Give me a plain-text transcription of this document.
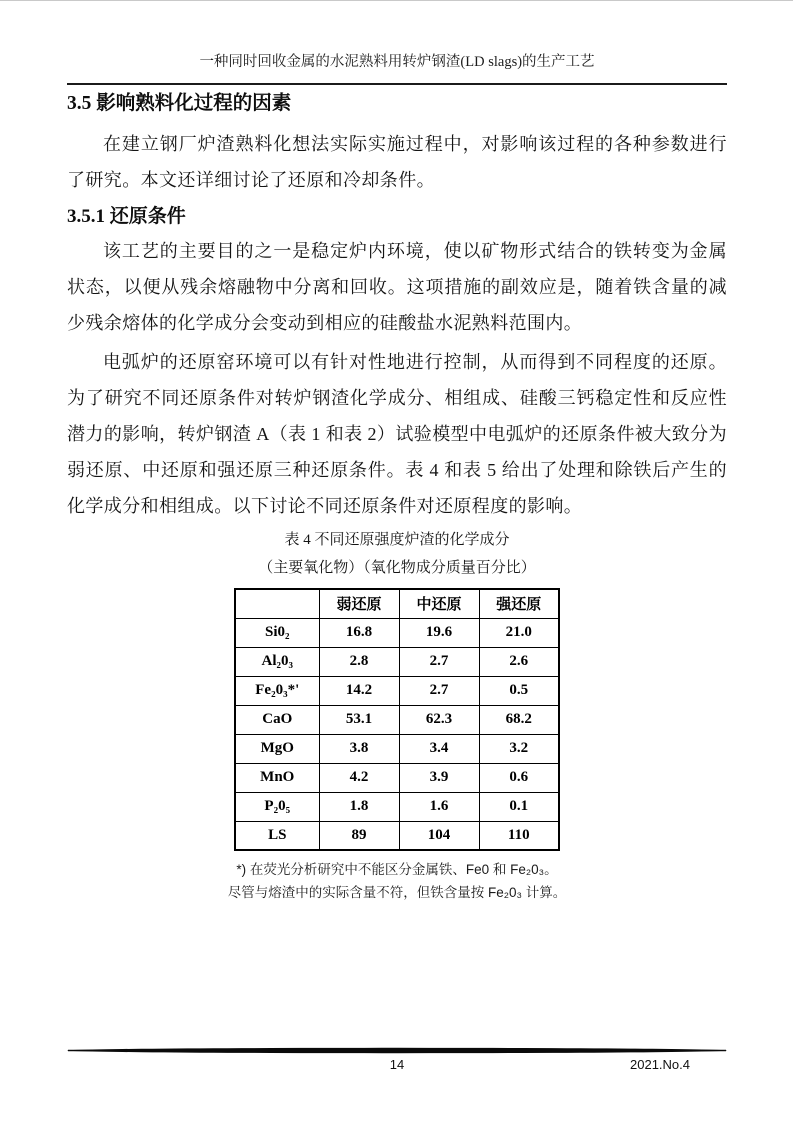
一种同时回收金属的水泥熟料用转炉钢渣(LD slags)的生产工艺
3.5 影响熟料化过程的因素

在建立钢厂炉渣熟料化想法实际实施过程中，对影响该过程的各种参数进行了研究。本文还详细讨论了还原和冷却条件。

3.5.1 还原条件

该工艺的主要目的之一是稳定炉内环境，使以矿物形式结合的铁转变为金属状态，以便从残余熔融物中分离和回收。这项措施的副效应是，随着铁含量的减少残余熔体的化学成分会变动到相应的硅酸盐水泥熟料范围内。

电弧炉的还原窑环境可以有针对性地进行控制，从而得到不同程度的还原。为了研究不同还原条件对转炉钢渣化学成分、相组成、硅酸三钙稳定性和反应性潜力的影响，转炉钢渣 A（表 1 和表 2）试验模型中电弧炉的还原条件被大致分为弱还原、中还原和强还原三种还原条件。表 4 和表 5 给出了处理和除铁后产生的化学成分和相组成。以下讨论不同还原条件对还原程度的影响。

表 4 不同还原强度炉渣的化学成分
（主要氧化物）（氧化物成分质量百分比）
	弱还原	中还原	强还原
Si0₂	16.8	19.6	21.0
Al₂0₃	2.8	2.7	2.6
Fe₂0₃*'	14.2	2.7	0.5
CaO	53.1	62.3	68.2
MgO	3.8	3.4	3.2
MnO	4.2	3.9	0.6
P₂0₅	1.8	1.6	0.1
LS	89	104	110
*) 在荧光分析研究中不能区分金属铁、Fe0 和 Fe₂0₃。
尽管与熔渣中的实际含量不符，但铁含量按 Fe₂0₃ 计算。
14	2021.No.4
